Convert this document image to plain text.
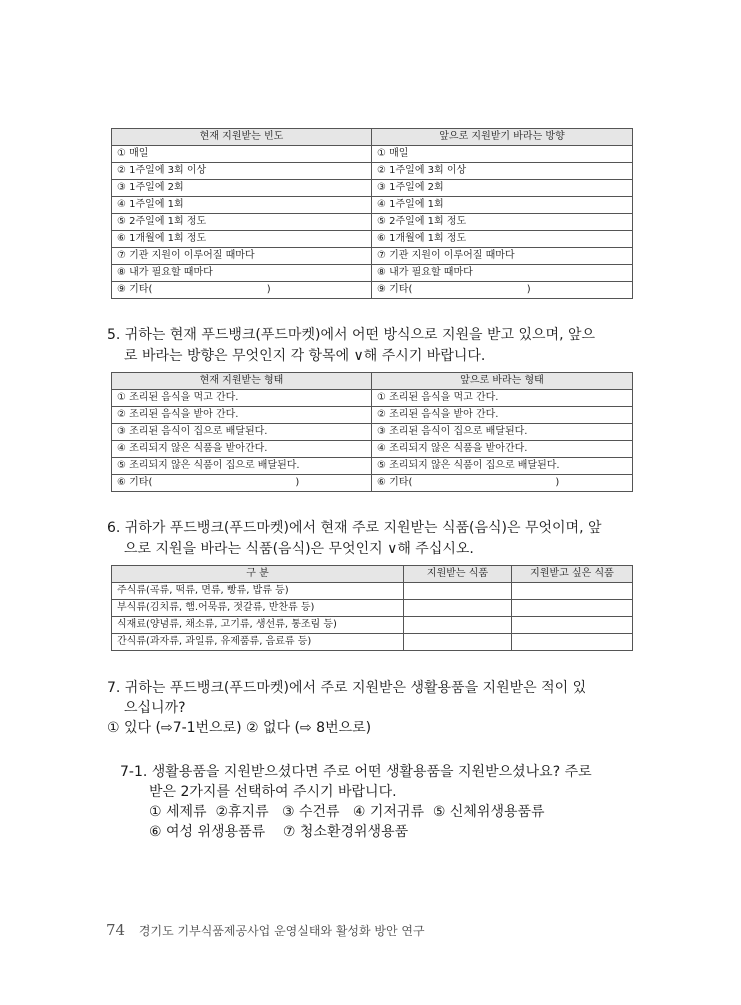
현재 지원받는 빈도	앞으로 지원받기 바라는 방향
① 매일	① 매일
② 1주일에 3회 이상	② 1주일에 3회 이상
③ 1주일에 2회	③ 1주일에 2회
④ 1주일에 1회	④ 1주일에 1회
⑤ 2주일에 1회 정도	⑤ 2주일에 1회 정도
⑥ 1개월에 1회 정도	⑥ 1개월에 1회 정도
⑦ 기관 지원이 이루어질 때마다	⑦ 기관 지원이 이루어질 때마다
⑧ 내가 필요할 때마다	⑧ 내가 필요할 때마다
⑨ 기타(                                    )	⑨ 기타(                                    )
5. 귀하는 현재 푸드뱅크(푸드마켓)에서 어떤 방식으로 지원을 받고 있으며, 앞으
로 바라는 방향은 무엇인지 각 항목에 ∨해 주시기 바랍니다.
현재 지원받는 형태	앞으로 바라는 형태
① 조리된 음식을 먹고 간다.	① 조리된 음식을 먹고 간다.
② 조리된 음식을 받아 간다.	② 조리된 음식을 받아 간다.
③ 조리된 음식이 집으로 배달된다.	③ 조리된 음식이 집으로 배달된다.
④ 조리되지 않은 식품을 받아간다.	④ 조리되지 않은 식품을 받아간다.
⑤ 조리되지 않은 식품이 집으로 배달된다.	⑤ 조리되지 않은 식품이 집으로 배달된다.
⑥ 기타(                                             )	⑥ 기타(                                             )
6. 귀하가 푸드뱅크(푸드마켓)에서 현재 주로 지원받는 식품(음식)은 무엇이며, 앞
으로 지원을 바라는 식품(음식)은 무엇인지 ∨해 주십시오.
구 분	지원받는 식품	지원받고 싶은 식품
주식류(곡류, 떡류, 면류, 빵류, 밥류 등)		
부식류(김치류, 햄.어묵류, 젓갈류, 반찬류 등)		
식재료(양념류, 채소류, 고기류, 생선류, 통조림 등)		
간식류(과자류, 과일류, 유제품류, 음료류 등)		
7. 귀하는 푸드뱅크(푸드마켓)에서 주로 지원받은 생활용품을 지원받은 적이 있
으십니까?
① 있다 (⇨7-1번으로) ② 없다 (⇨ 8번으로)
7-1. 생활용품을 지원받으셨다면 주로 어떤 생활용품을 지원받으셨나요? 주로
받은 2가지를 선택하여 주시기 바랍니다.
① 세제류  ②휴지류   ③ 수건류   ④ 기저귀류  ⑤ 신체위생용품류
⑥ 여성 위생용품류    ⑦ 청소환경위생용품
74 경기도 기부식품제공사업 운영실태와 활성화 방안 연구
